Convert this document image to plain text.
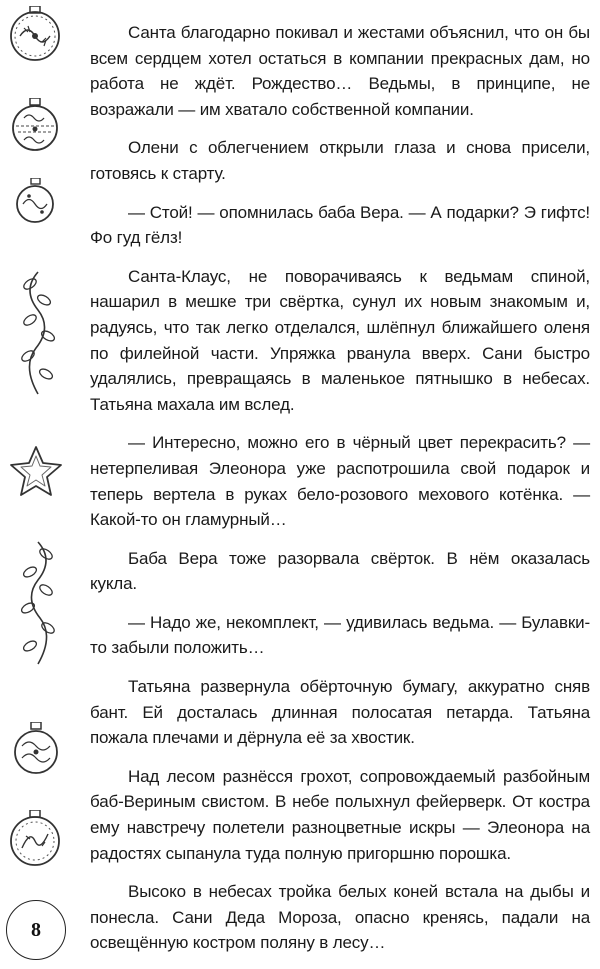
Санта благодарно покивал и жестами объяснил, что он бы всем сердцем хотел остаться в компании прекрасных дам, но работа не ждёт. Рождество… Ведьмы, в принципе, не возражали — им хватало собственной компании.

Олени с облегчением открыли глаза и снова присели, готовясь к старту.

— Стой! — опомнилась баба Вера. — А подарки? Э гифтс! Фо гуд гёлз!

Санта-Клаус, не поворачиваясь к ведьмам спиной, нашарил в мешке три свёртка, сунул их новым знакомым и, радуясь, что так легко отделался, шлёпнул ближайшего оленя по филейной части. Упряжка рванула вверх. Сани быстро удалялись, превращаясь в маленькое пятнышко в небесах. Татьяна махала им вслед.

— Интересно, можно его в чёрный цвет перекрасить? — нетерпеливая Элеонора уже распотрошила свой подарок и теперь вертела в руках бело-розового мехового котёнка. — Какой-то он гламурный…

Баба Вера тоже разорвала свёрток. В нём оказалась кукла.

— Надо же, некомплект, — удивилась ведьма. — Булавки-то забыли положить…

Татьяна развернула обёрточную бумагу, аккуратно сняв бант. Ей досталась длинная полосатая петарда. Татьяна пожала плечами и дёрнула её за хвостик.

Над лесом разнёсся грохот, сопровождаемый разбойным баб-Вериным свистом. В небе полыхнул фейерверк. От костра ему навстречу полетели разноцветные искры — Элеонора на радостях сыпанула туда полную пригоршню порошка.

Высоко в небесах тройка белых коней встала на дыбы и понесла. Сани Деда Мороза, опасно кренясь, падали на освещённую костром поляну в лесу…

8
